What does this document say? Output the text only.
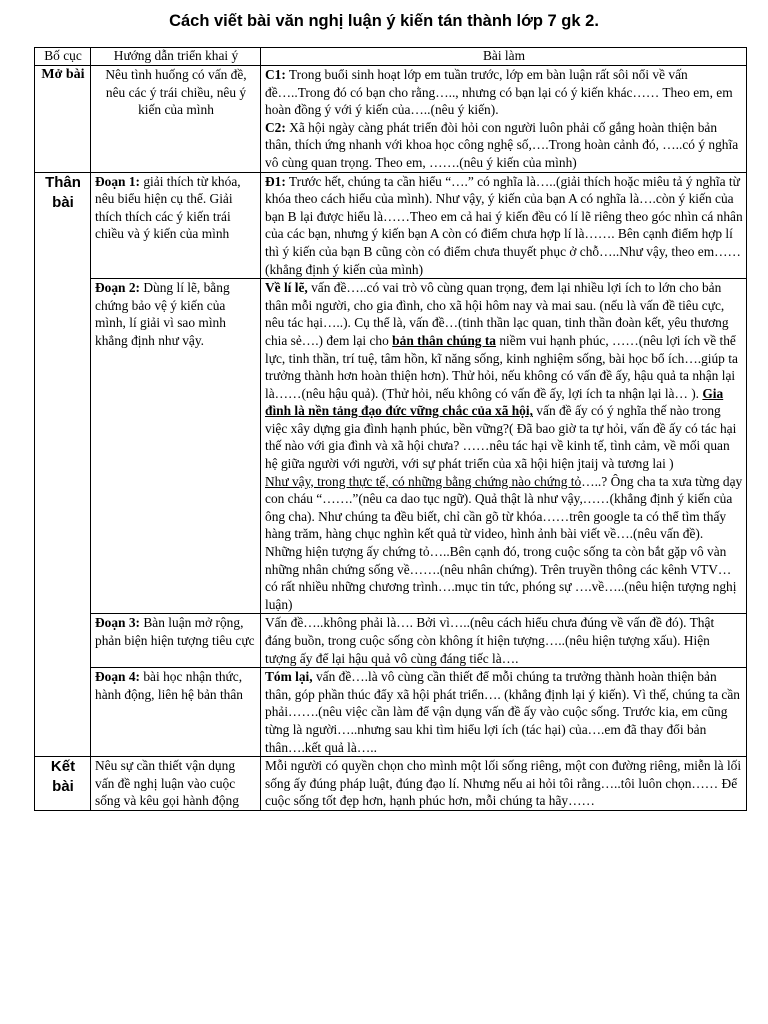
Cách viết bài văn nghị luận ý kiến tán thành lớp 7 gk 2.
Bố cục	Hướng dẫn triển khai ý	Bài làm
Mở bài	Nêu tình huống có vấn đề, nêu các ý trái chiều, nêu ý kiến của mình	C1: Trong buổi sinh hoạt lớp em tuần trước, lớp em bàn luận rất sôi nổi về vấn đề…..Trong đó có bạn cho rằng….., nhưng có bạn lại có ý kiến khác…… Theo em, em hoàn đồng ý với ý kiến của…..(nêu ý kiến).

C2: Xã hội ngày càng phát triển đòi hỏi con người luôn phải cố gắng hoàn thiện bản thân, thích ứng nhanh với khoa học công nghệ số,….Trong hoàn cảnh đó, …..có ý nghĩa vô cùng quan trọng. Theo em, …….(nêu ý kiến của mình)

Thân bài	Đoạn 1: giải thích từ khóa, nêu biểu hiện cụ thể. Giải thích thích các ý kiến trái chiều và ý kiến của mình	Đ1: Trước hết, chúng ta cần hiểu “….” có nghĩa là…..(giải thích hoặc miêu tả ý nghĩa từ khóa theo cách hiểu của mình). Như vậy, ý kiến của bạn A có nghĩa là….còn ý kiến của bạn B lại được hiểu là……Theo em cả hai ý kiến đều có lí lẽ riêng theo góc nhìn cá nhân của các bạn, nhưng ý kiến bạn A còn có điểm chưa hợp lí là……. Bên cạnh điểm hợp lí thì ý kiến của bạn B cũng còn có điểm chưa thuyết phục ở chỗ…..Như vậy, theo em……(khẳng định ý kiến của mình)
	Đoạn 2: Dùng lí lẽ, bằng chứng bảo vệ ý kiến của mình, lí giải vì sao mình khẳng định như vậy.	Về lí lẽ, vấn đề…..có vai trò vô cùng quan trọng, đem lại nhiều lợi ích to lớn cho bản thân mỗi người, cho gia đình, cho xã hội hôm nay và mai sau. (nếu là vấn đề tiêu cực, nêu tác hại…..). Cụ thể là, vấn đề…(tinh thần lạc quan, tinh thần đoàn kết, yêu thương chia sẻ….) đem lại cho bản thân chúng ta niềm vui hạnh phúc, ……(nêu lợi ích về thể lực, tinh thần, trí tuệ, tâm hồn, kĩ năng sống, kinh nghiệm sống, bài học bổ ích….giúp ta trưởng thành hơn hoàn thiện hơn). Thử hỏi, nếu không có vấn đề ấy, hậu quả ta nhận lại là……(nêu hậu quả). (Thử hỏi, nếu không có vấn đề ấy, lợi ích ta nhận lại là… ). Gia đình là nền tảng đạo đức vững chắc của xã hội, vấn đề ấy có ý nghĩa thế nào trong việc xây dựng gia đình hạnh phúc, bền vững?( Đã bao giờ ta tự hỏi, vấn đề ấy có tác hại thế nào với gia đình và xã hội chưa? ……nêu tác hại về kinh tế, tình cảm, về mối quan hệ giữa người với người, với sự phát triển của xã hội hiện jtaij và tương lai )

Như vậy, trong thực tế, có những bằng chứng nào chứng tỏ…..? Ông cha ta xưa từng dạy con cháu “…….”(nêu ca dao tục ngữ). Quả thật là như vậy,……(khẳng định ý kiến của ông cha). Như chúng ta đều biết, chỉ cần gõ từ khóa……trên google ta có thể tìm thấy hàng trăm, hàng chục nghìn kết quả từ video, hình ảnh bài viết về….(nêu vấn đề). Những hiện tượng ấy chứng tỏ…..Bên cạnh đó, trong cuộc sống ta còn bắt gặp vô vàn những nhân chứng sống về…….(nêu nhân chứng). Trên truyền thông các kênh VTV…có rất nhiều những chương trình….mục tin tức, phóng sự ….về…..(nêu hiện tượng nghị luận)

	Đoạn 3: Bàn luận mở rộng, phản biện hiện tượng tiêu cực	Vấn đề…..không phải là…. Bởi vì…..(nêu cách hiểu chưa đúng về vấn đề đó). Thật đáng buồn, trong cuộc sống còn không ít hiện tượng…..(nêu hiện tượng xấu). Hiện tượng ấy để lại hậu quả vô cùng đáng tiếc là….
	Đoạn 4: bài học nhận thức, hành động, liên hệ bản thân	Tóm lại, vấn đề….là vô cùng cần thiết để mỗi chúng ta trưởng thành hoàn thiện bản thân, góp phần thúc đẩy xã hội phát triển…. (khẳng định lại ý kiến). Vì thế, chúng ta cần phải…….(nêu việc cần làm để vận dụng vấn đề ấy vào cuộc sống. Trước kia, em cũng từng là người…..nhưng sau khi tìm hiểu lợi ích (tác hại) của….em đã thay đổi bản thân….kết quả là…..
Kết bài	Nêu sự cần thiết vận dụng vấn đề nghị luận vào cuộc sống và kêu gọi hành động	Mỗi người có quyền chọn cho mình một lối sống riêng, một con đường riêng, miễn là lối sống ấy đúng pháp luật, đúng đạo lí. Nhưng nếu ai hỏi tôi rằng…..tôi luôn chọn…… Để cuộc sống tốt đẹp hơn, hạnh phúc hơn, mỗi chúng ta hãy……
